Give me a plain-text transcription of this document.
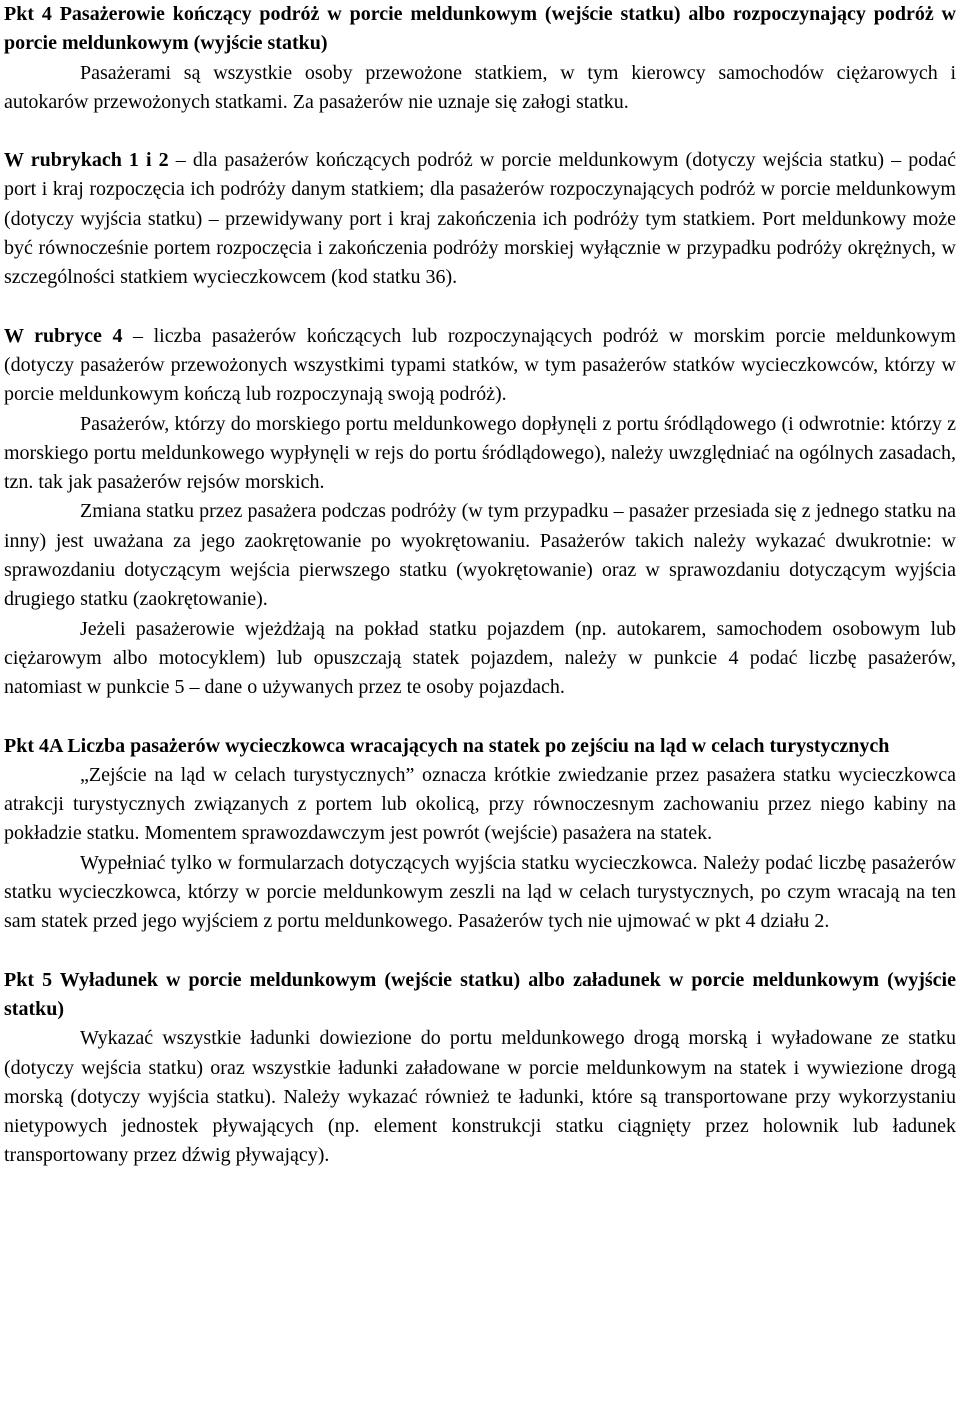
Pkt 4 Pasażerowie kończący podróż w porcie meldunkowym (wejście statku) albo rozpoczynający podróż w porcie meldunkowym (wyjście statku)

Pasażerami są wszystkie osoby przewożone statkiem, w tym kierowcy samochodów ciężarowych i autokarów przewożonych statkami. Za pasażerów nie uznaje się załogi statku.

W rubrykach 1 i 2 – dla pasażerów kończących podróż w porcie meldunkowym (dotyczy wejścia statku) – podać port i kraj rozpoczęcia ich podróży danym statkiem; dla pasażerów rozpoczynających podróż w porcie meldunkowym (dotyczy wyjścia statku) – przewidywany port i kraj zakończenia ich podróży tym statkiem. Port meldunkowy może być równocześnie portem rozpoczęcia i zakończenia podróży morskiej wyłącznie w przypadku podróży okrężnych, w szczególności statkiem wycieczkowcem (kod statku 36).

W rubryce 4 – liczba pasażerów kończących lub rozpoczynających podróż w morskim porcie meldunkowym (dotyczy pasażerów przewożonych wszystkimi typami statków, w tym pasażerów statków wycieczkowców, którzy w porcie meldunkowym kończą lub rozpoczynają swoją podróż).

Pasażerów, którzy do morskiego portu meldunkowego dopłynęli z portu śródlądowego (i odwrotnie: którzy z morskiego portu meldunkowego wypłynęli w rejs do portu śródlądowego), należy uwzględniać na ogólnych zasadach, tzn. tak jak pasażerów rejsów morskich.

Zmiana statku przez pasażera podczas podróży (w tym przypadku – pasażer przesiada się z jednego statku na inny) jest uważana za jego zaokrętowanie po wyokrętowaniu. Pasażerów takich należy wykazać dwukrotnie: w sprawozdaniu dotyczącym wejścia pierwszego statku (wyokrętowanie) oraz w sprawozdaniu dotyczącym wyjścia drugiego statku (zaokrętowanie).

Jeżeli pasażerowie wjeżdżają na pokład statku pojazdem (np. autokarem, samochodem osobowym lub ciężarowym albo motocyklem) lub opuszczają statek pojazdem, należy w punkcie 4 podać liczbę pasażerów, natomiast w punkcie 5 – dane o używanych przez te osoby pojazdach.

Pkt 4A Liczba pasażerów wycieczkowca wracających na statek po zejściu na ląd w celach turystycznych

„Zejście na ląd w celach turystycznych” oznacza krótkie zwiedzanie przez pasażera statku wycieczkowca atrakcji turystycznych związanych z portem lub okolicą, przy równoczesnym zachowaniu przez niego kabiny na pokładzie statku. Momentem sprawozdawczym jest powrót (wejście) pasażera na statek.

Wypełniać tylko w formularzach dotyczących wyjścia statku wycieczkowca. Należy podać liczbę pasażerów statku wycieczkowca, którzy w porcie meldunkowym zeszli na ląd w celach turystycznych, po czym wracają na ten sam statek przed jego wyjściem z portu meldunkowego. Pasażerów tych nie ujmować w pkt 4 działu 2.

Pkt 5 Wyładunek w porcie meldunkowym (wejście statku) albo załadunek w porcie meldunkowym (wyjście statku)

Wykazać wszystkie ładunki dowiezione do portu meldunkowego drogą morską i wyładowane ze statku (dotyczy wejścia statku) oraz wszystkie ładunki załadowane w porcie meldunkowym na statek i wywiezione drogą morską (dotyczy wyjścia statku). Należy wykazać również te ładunki, które są transportowane przy wykorzystaniu nietypowych jednostek pływających (np. element konstrukcji statku ciągnięty przez holownik lub ładunek transportowany przez dźwig pływający).
